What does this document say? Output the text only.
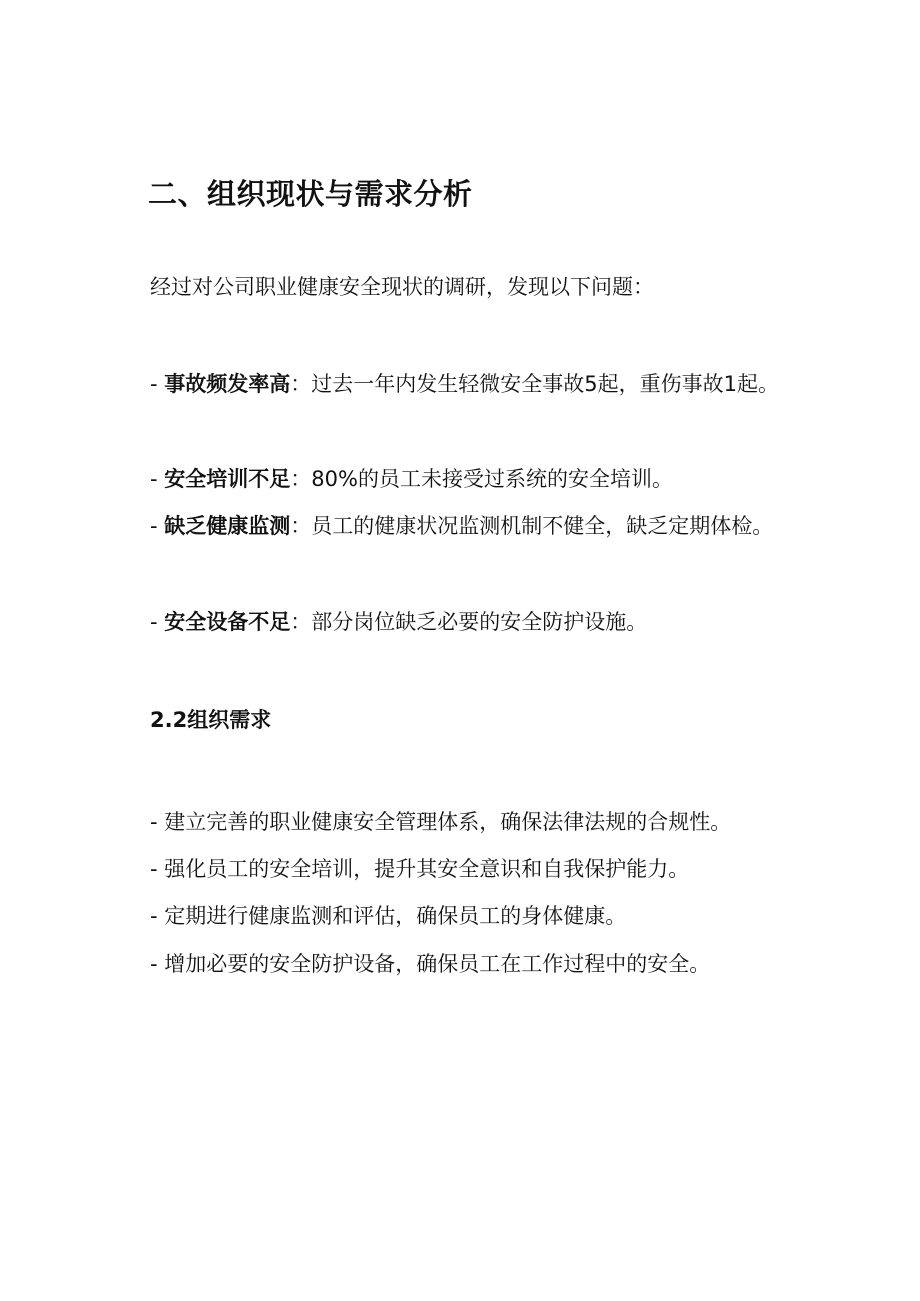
二、组织现状与需求分析
经过对公司职业健康安全现状的调研，发现以下问题：
- 事故频发率高：过去一年内发生轻微安全事故5起，重伤事故1起。
- 安全培训不足：80%的员工未接受过系统的安全培训。
- 缺乏健康监测：员工的健康状况监测机制不健全，缺乏定期体检。
- 安全设备不足：部分岗位缺乏必要的安全防护设施。
2.2组织需求
- 建立完善的职业健康安全管理体系，确保法律法规的合规性。
- 强化员工的安全培训，提升其安全意识和自我保护能力。
- 定期进行健康监测和评估，确保员工的身体健康。
- 增加必要的安全防护设备，确保员工在工作过程中的安全。
